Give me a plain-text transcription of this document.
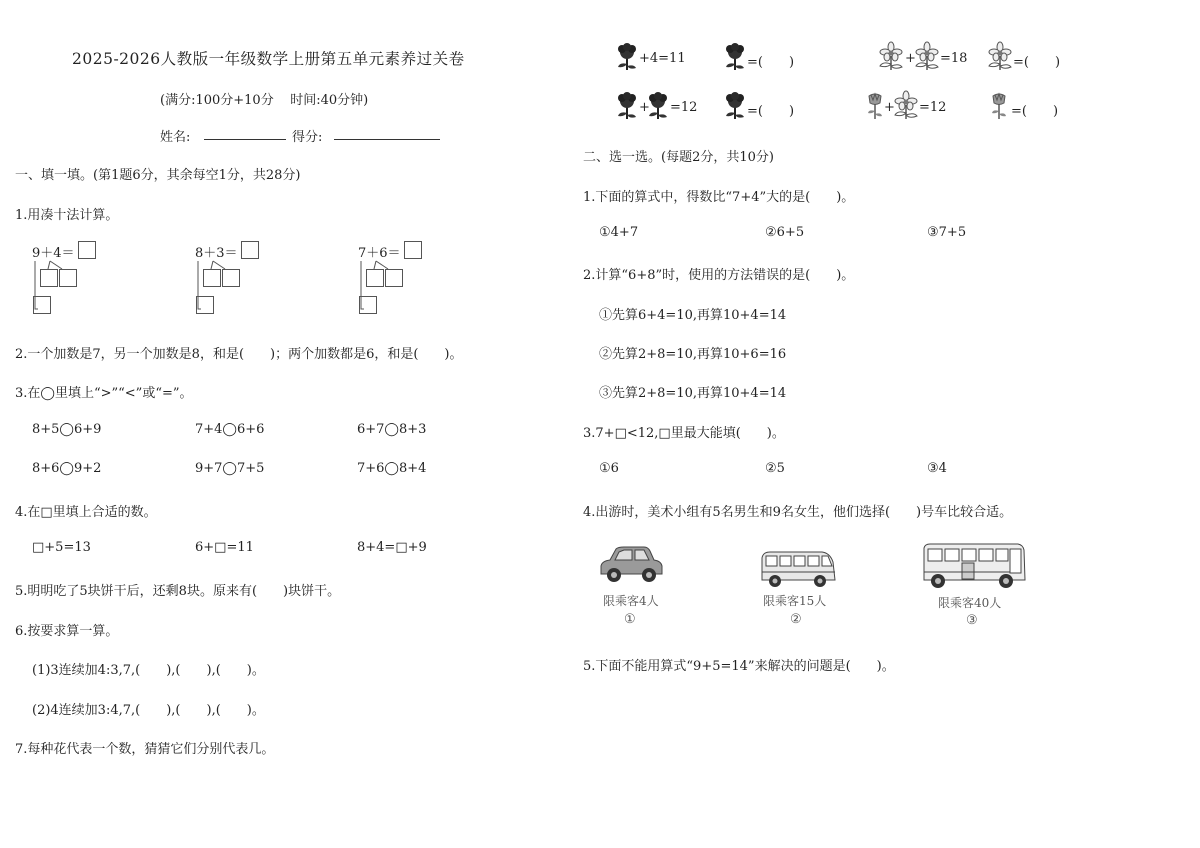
2025-2026人教版一年级数学上册第五单元素养过关卷
(满分:100分+10分    时间:40分钟)
姓名:	得分:
一、填一填。(第1题6分，其余每空1分，共28分)
1.用凑十法计算。
9＋4＝	8＋3＝	7＋6＝
2.一个加数是7，另一个加数是8，和是(　　)；两个加数都是6，和是(　　)。
3.在◯里填上“>”“<”或“=”。
8+5◯6+9	7+4◯6+6	6+7◯8+3
8+6◯9+2	9+7◯7+5	7+6◯8+4
4.在□里填上合适的数。
□+5=13	6+□=11	8+4=□+9
5.明明吃了5块饼干后，还剩8块。原来有(　　)块饼干。
6.按要求算一算。
(1)3连续加4:3,7,(　　),(　　),(　　)。
(2)4连续加3:4,7,(　　),(　　),(　　)。
7.每种花代表一个数，猜猜它们分别代表几。
+4=11	=(　　)	+ =18	=(　　)
+ =12	=(　　)	+ =12	=(　　)
二、选一选。(每题2分，共10分)
1.下面的算式中，得数比“7+4”大的是(　　)。
①4+7	②6+5	③7+5
2.计算“6+8”时，使用的方法错误的是(　　)。
①先算6+4=10,再算10+4=14
②先算2+8=10,再算10+6=16
③先算2+8=10,再算10+4=14
3.7+□<12,□里最大能填(　　)。
①6	②5	③4
4.出游时，美术小组有5名男生和9名女生，他们选择(　　)号车比较合适。
限乘客4人
①
限乘客15人
②
限乘客40人
③
5.下面不能用算式“9+5=14”来解决的问题是(　　)。
